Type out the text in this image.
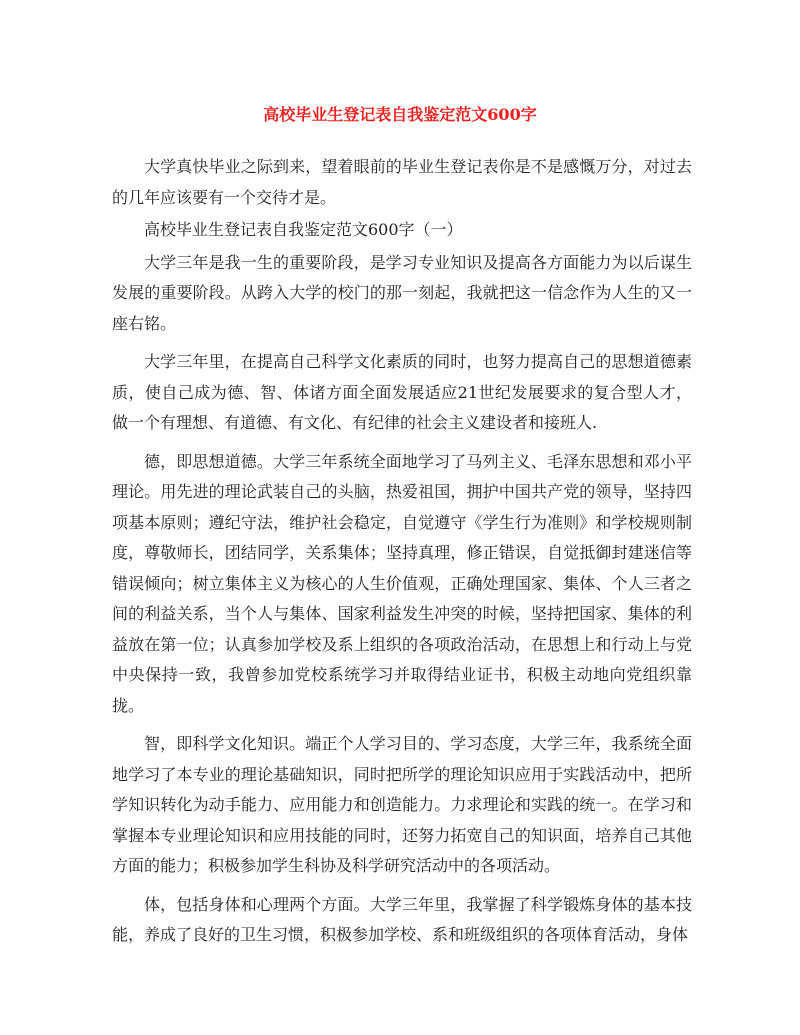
高校毕业生登记表自我鉴定范文600字

大学真快毕业之际到来，望着眼前的毕业生登记表你是不是感慨万分，对过去的几年应该要有一个交待才是。

高校毕业生登记表自我鉴定范文600字（一）

大学三年是我一生的重要阶段，是学习专业知识及提高各方面能力为以后谋生发展的重要阶段。从跨入大学的校门的那一刻起，我就把这一信念作为人生的又一座右铭。

大学三年里，在提高自己科学文化素质的同时，也努力提高自己的思想道德素质，使自己成为德、智、体诸方面全面发展适应21世纪发展要求的复合型人才，做一个有理想、有道德、有文化、有纪律的社会主义建设者和接班人.

德，即思想道德。大学三年系统全面地学习了马列主义、毛泽东思想和邓小平理论。用先进的理论武装自己的头脑，热爱祖国，拥护中国共产党的领导，坚持四项基本原则；遵纪守法，维护社会稳定，自觉遵守《学生行为准则》和学校规则制度，尊敬师长，团结同学，关系集体；坚持真理，修正错误，自觉抵御封建迷信等错误倾向；树立集体主义为核心的人生价值观，正确处理国家、集体、个人三者之间的利益关系，当个人与集体、国家利益发生冲突的时候，坚持把国家、集体的利益放在第一位；认真参加学校及系上组织的各项政治活动，在思想上和行动上与党中央保持一致，我曾参加党校系统学习并取得结业证书，积极主动地向党组织靠拢。

智，即科学文化知识。端正个人学习目的、学习态度，大学三年，我系统全面地学习了本专业的理论基础知识，同时把所学的理论知识应用于实践活动中，把所学知识转化为动手能力、应用能力和创造能力。力求理论和实践的统一。在学习和掌握本专业理论知识和应用技能的同时，还努力拓宽自己的知识面，培养自己其他方面的能力；积极参加学生科协及科学研究活动中的各项活动。

体，包括身体和心理两个方面。大学三年里，我掌握了科学锻炼身体的基本技能，养成了良好的卫生习惯，积极参加学校、系和班级组织的各项体育活动，身体
